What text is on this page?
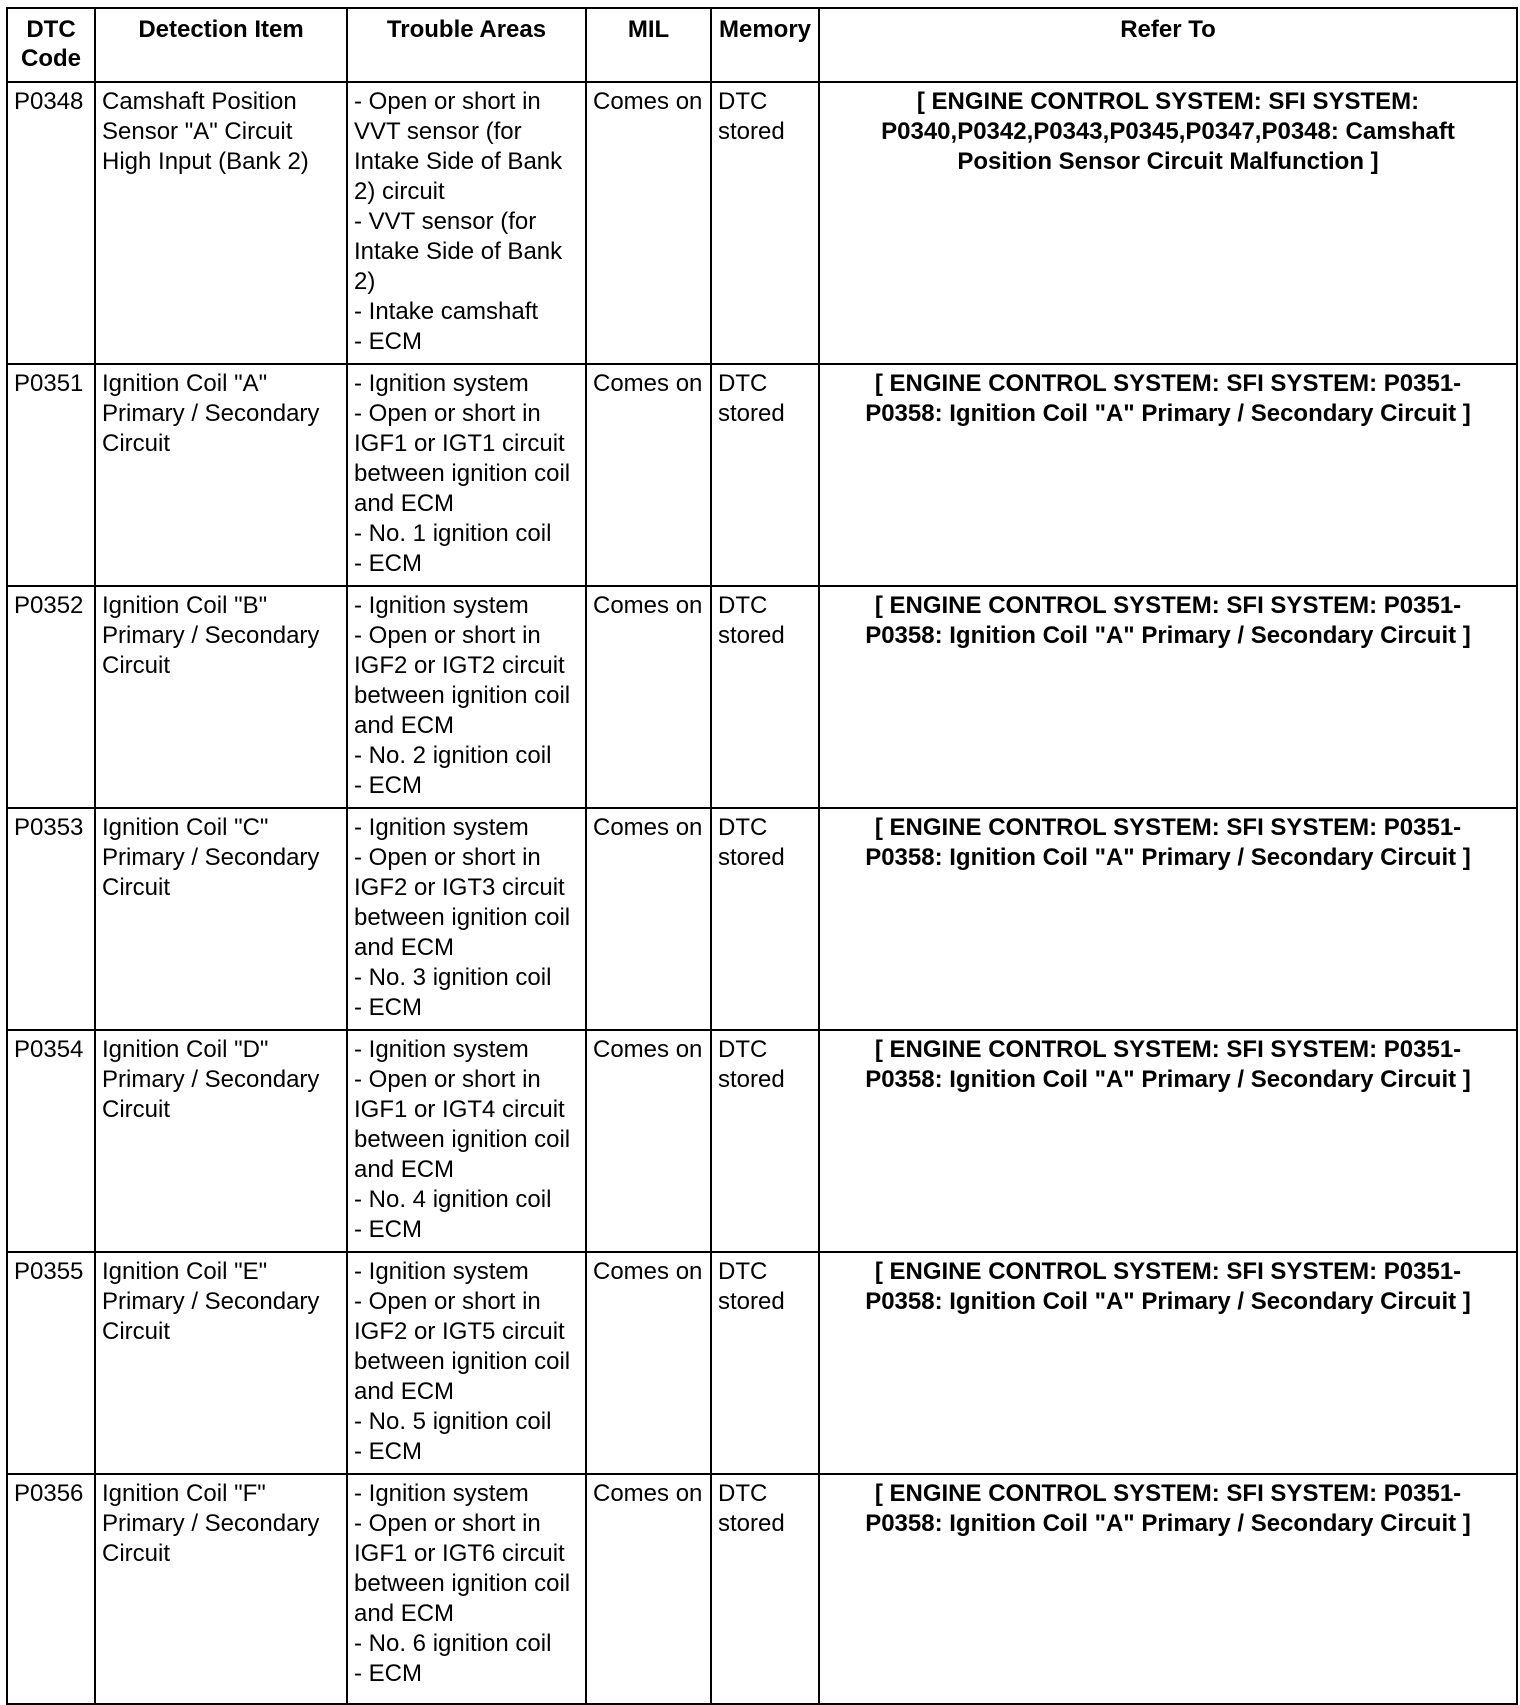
DTC Code	Detection Item	Trouble Areas	MIL	Memory	Refer To
P0348	Camshaft Position Sensor "A" Circuit High Input (Bank 2)	- Open or short in VVT sensor (for Intake Side of Bank 2) circuit
- VVT sensor (for Intake Side of Bank 2)
- Intake camshaft
- ECM	Comes on	DTC stored	[ ENGINE CONTROL SYSTEM: SFI SYSTEM: P0340,P0342,P0343,P0345,P0347,P0348: Camshaft Position Sensor Circuit Malfunction ]
P0351	Ignition Coil "A" Primary / Secondary Circuit	- Ignition system
- Open or short in IGF1 or IGT1 circuit between ignition coil and ECM
- No. 1 ignition coil
- ECM	Comes on	DTC stored	[ ENGINE CONTROL SYSTEM: SFI SYSTEM: P0351-P0358: Ignition Coil "A" Primary / Secondary Circuit ]
P0352	Ignition Coil "B" Primary / Secondary Circuit	- Ignition system
- Open or short in IGF2 or IGT2 circuit between ignition coil and ECM
- No. 2 ignition coil
- ECM	Comes on	DTC stored	[ ENGINE CONTROL SYSTEM: SFI SYSTEM: P0351-P0358: Ignition Coil "A" Primary / Secondary Circuit ]
P0353	Ignition Coil "C" Primary / Secondary Circuit	- Ignition system
- Open or short in IGF2 or IGT3 circuit between ignition coil and ECM
- No. 3 ignition coil
- ECM	Comes on	DTC stored	[ ENGINE CONTROL SYSTEM: SFI SYSTEM: P0351-P0358: Ignition Coil "A" Primary / Secondary Circuit ]
P0354	Ignition Coil "D" Primary / Secondary Circuit	- Ignition system
- Open or short in IGF1 or IGT4 circuit between ignition coil and ECM
- No. 4 ignition coil
- ECM	Comes on	DTC stored	[ ENGINE CONTROL SYSTEM: SFI SYSTEM: P0351-P0358: Ignition Coil "A" Primary / Secondary Circuit ]
P0355	Ignition Coil "E" Primary / Secondary Circuit	- Ignition system
- Open or short in IGF2 or IGT5 circuit between ignition coil and ECM
- No. 5 ignition coil
- ECM	Comes on	DTC stored	[ ENGINE CONTROL SYSTEM: SFI SYSTEM: P0351-P0358: Ignition Coil "A" Primary / Secondary Circuit ]
P0356	Ignition Coil "F" Primary / Secondary Circuit	- Ignition system
- Open or short in IGF1 or IGT6 circuit between ignition coil and ECM
- No. 6 ignition coil
- ECM	Comes on	DTC stored	[ ENGINE CONTROL SYSTEM: SFI SYSTEM: P0351-P0358: Ignition Coil "A" Primary / Secondary Circuit ]
